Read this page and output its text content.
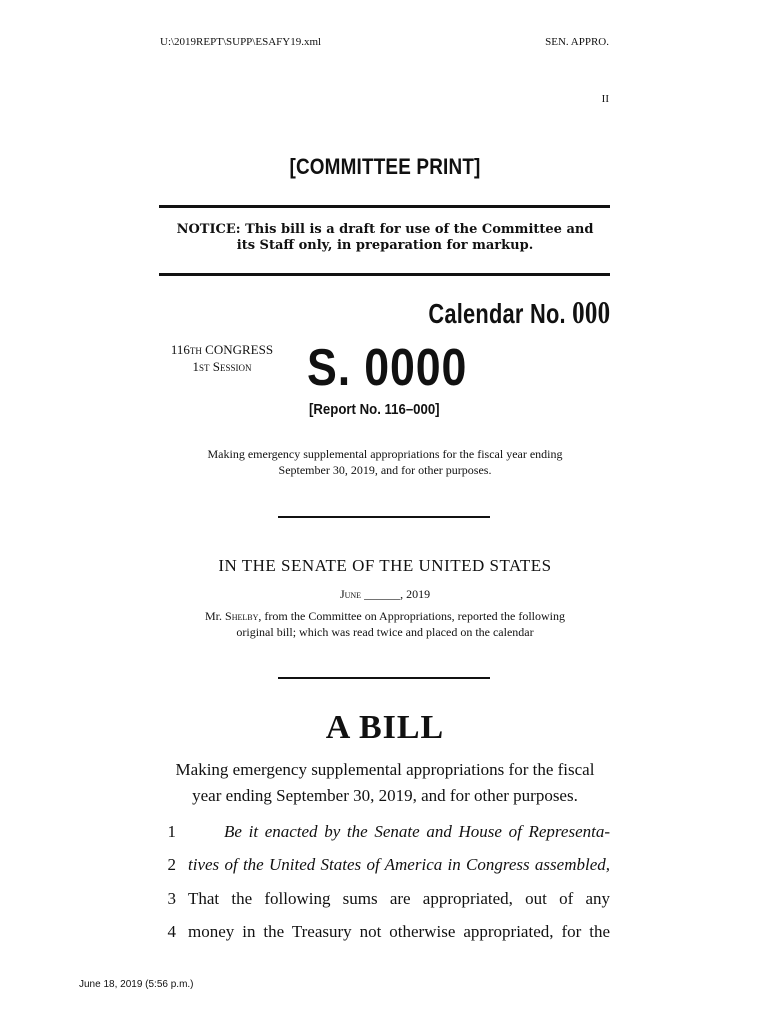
U:\2019REPT\SUPP\ESAFY19.xml	SEN. APPRO.
II
[COMMITTEE PRINT]
NOTICE: This bill is a draft for use of the Committee and
its Staff only, in preparation for markup.
Calendar No. 000
116TH CONGRESS
1ST Session	S. 0000
[Report No. 116–000]
Making emergency supplemental appropriations for the fiscal year ending
September 30, 2019, and for other purposes.
IN THE SENATE OF THE UNITED STATES
June ______, 2019
Mr. Shelby, from the Committee on Appropriations, reported the following
original bill; which was read twice and placed on the calendar
A BILL
Making emergency supplemental appropriations for the fiscal
year ending September 30, 2019, and for other purposes.
1	Be it enacted by the Senate and House of Representa-
2 tives of the United States of America in Congress assembled,
3 That the following sums are appropriated, out of any
4 money in the Treasury not otherwise appropriated, for the
June 18, 2019 (5:56 p.m.)
